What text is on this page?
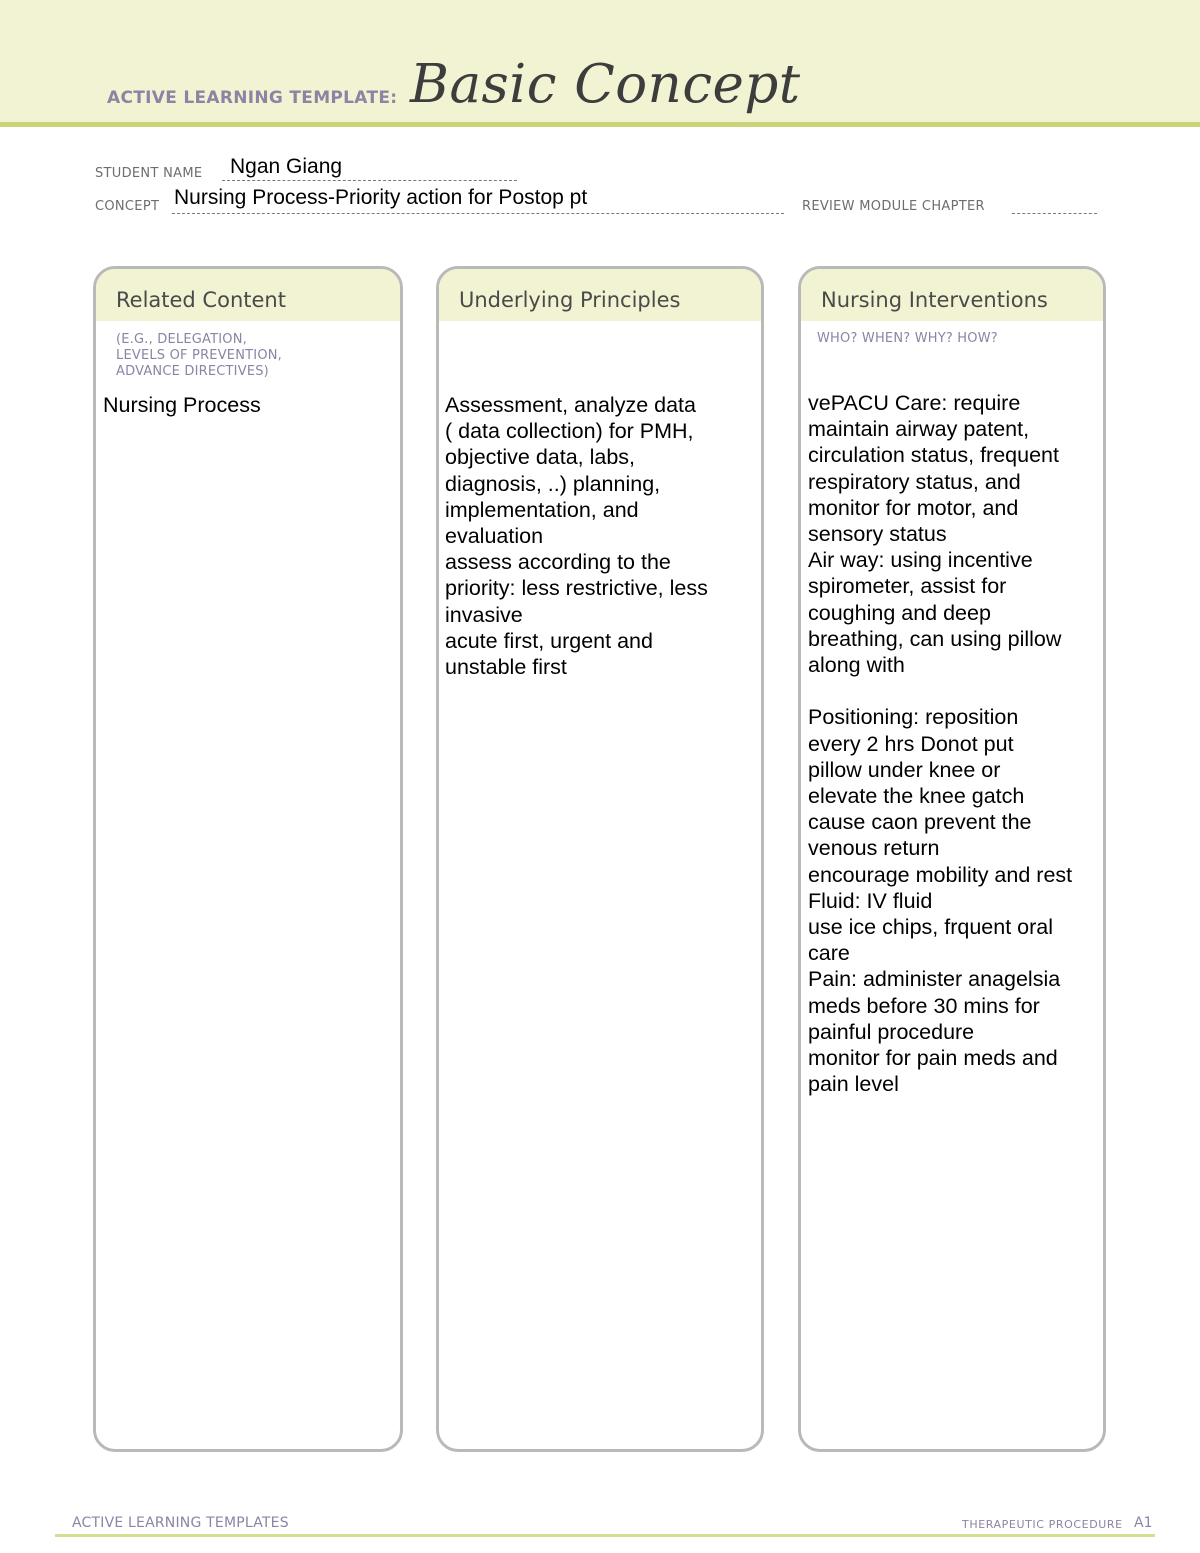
ACTIVE LEARNING TEMPLATE: Basic Concept
STUDENT NAME Ngan Giang
CONCEPT Nursing Process-Priority action for Postop pt	REVIEW MODULE CHAPTER
Related Content
(E.G., DELEGATION,
LEVELS OF PREVENTION,
ADVANCE DIRECTIVES)
Nursing Process
Underlying Principles
Assessment, analyze data
( data collection) for PMH,
objective data, labs,
diagnosis, ..) planning,
implementation, and
evaluation
assess according to the
priority: less restrictive, less
invasive
acute first, urgent and
unstable first
Nursing Interventions
WHO? WHEN? WHY? HOW?
vePACU Care: require
maintain airway patent,
circulation status, frequent
respiratory status, and
monitor for motor, and
sensory status
Air way: using incentive
spirometer, assist for
coughing and deep
breathing, can using pillow
along with

Positioning: reposition
every 2 hrs Donot put
pillow under knee or
elevate the knee gatch
cause caon prevent the
venous return
encourage mobility and rest
Fluid: IV fluid
use ice chips, frquent oral
care
Pain: administer anagelsia
meds before 30 mins for
painful procedure
monitor for pain meds and
pain level
ACTIVE LEARNING TEMPLATES	THERAPEUTIC PROCEDURE A1
